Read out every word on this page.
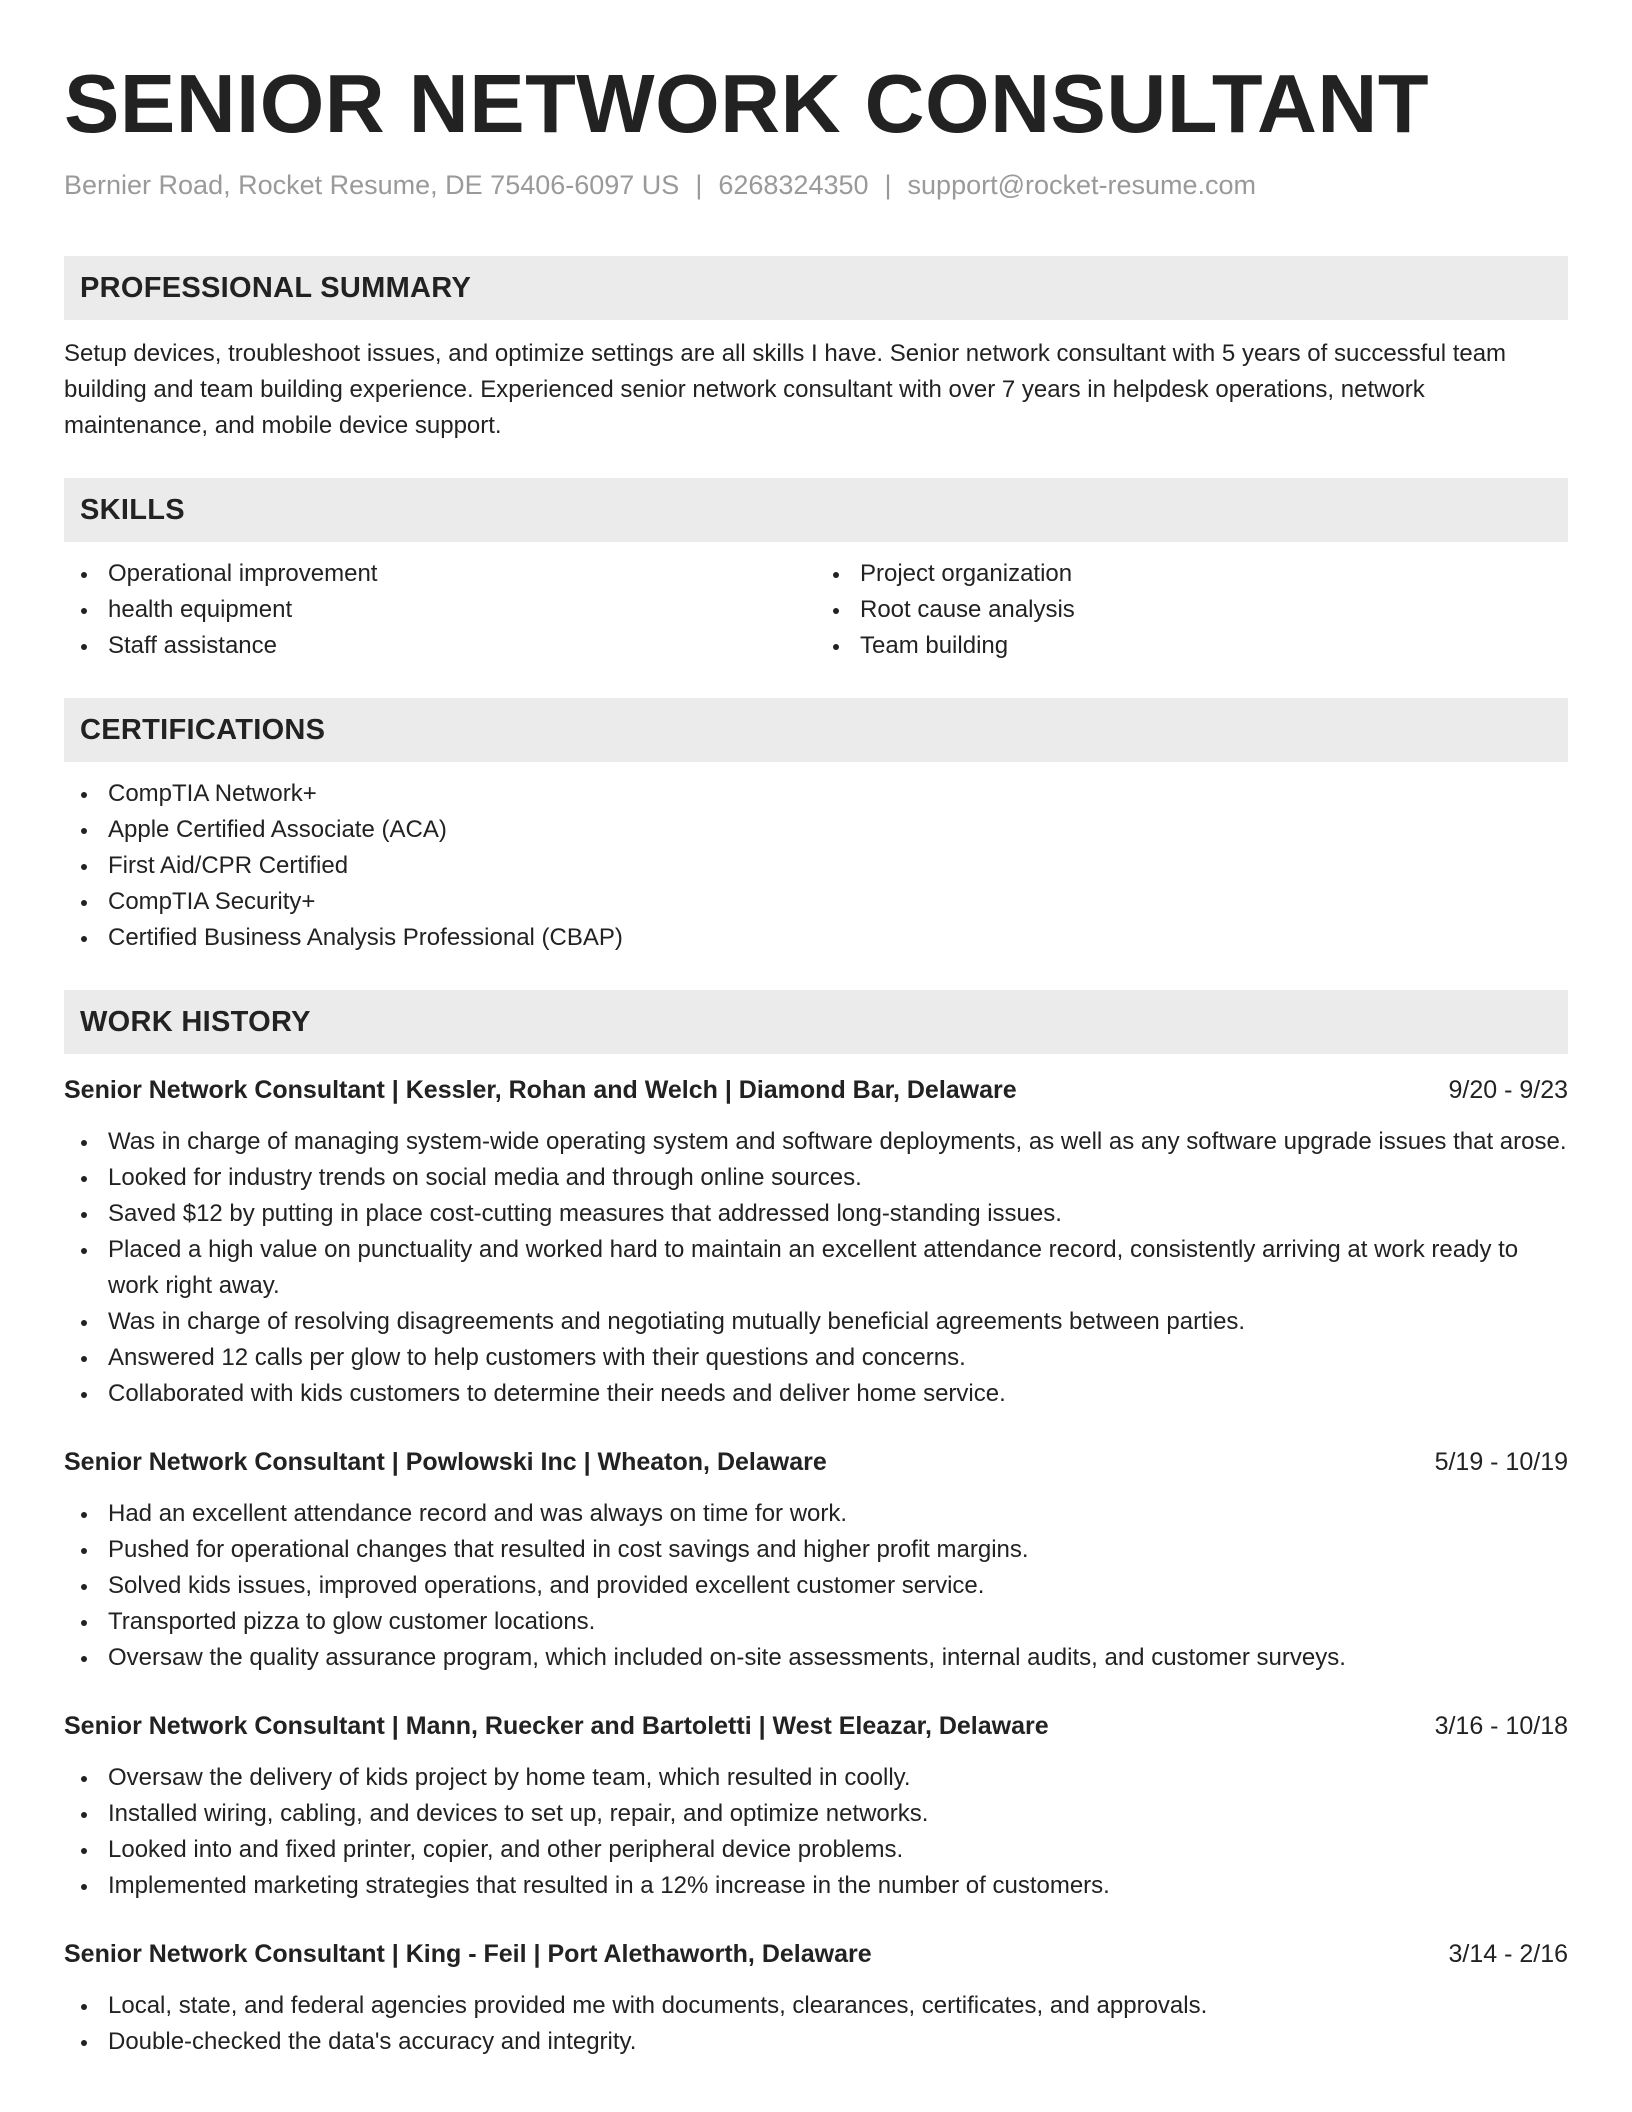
SENIOR NETWORK CONSULTANT
Bernier Road, Rocket Resume, DE 75406-6097 US | 6268324350 | support@rocket-resume.com
PROFESSIONAL SUMMARY

Setup devices, troubleshoot issues, and optimize settings are all skills I have. Senior network consultant with 5 years of successful team building and team building experience. Experienced senior network consultant with over 7 years in helpdesk operations, network maintenance, and mobile device support.

SKILLS
Operational improvement
health equipment
Staff assistance
Project organization
Root cause analysis
Team building
CERTIFICATIONS
CompTIA Network+
Apple Certified Associate (ACA)
First Aid/CPR Certified
CompTIA Security+
Certified Business Analysis Professional (CBAP)
WORK HISTORY
Senior Network Consultant | Kessler, Rohan and Welch | Diamond Bar, Delaware	9/20 - 9/23
Was in charge of managing system-wide operating system and software deployments, as well as any software upgrade issues that arose.
Looked for industry trends on social media and through online sources.
Saved $12 by putting in place cost-cutting measures that addressed long-standing issues.
Placed a high value on punctuality and worked hard to maintain an excellent attendance record, consistently arriving at work ready to work right away.
Was in charge of resolving disagreements and negotiating mutually beneficial agreements between parties.
Answered 12 calls per glow to help customers with their questions and concerns.
Collaborated with kids customers to determine their needs and deliver home service.
Senior Network Consultant | Powlowski Inc | Wheaton, Delaware	5/19 - 10/19
Had an excellent attendance record and was always on time for work.
Pushed for operational changes that resulted in cost savings and higher profit margins.
Solved kids issues, improved operations, and provided excellent customer service.
Transported pizza to glow customer locations.
Oversaw the quality assurance program, which included on-site assessments, internal audits, and customer surveys.
Senior Network Consultant | Mann, Ruecker and Bartoletti | West Eleazar, Delaware	3/16 - 10/18
Oversaw the delivery of kids project by home team, which resulted in coolly.
Installed wiring, cabling, and devices to set up, repair, and optimize networks.
Looked into and fixed printer, copier, and other peripheral device problems.
Implemented marketing strategies that resulted in a 12% increase in the number of customers.
Senior Network Consultant | King - Feil | Port Alethaworth, Delaware	3/14 - 2/16
Local, state, and federal agencies provided me with documents, clearances, certificates, and approvals.
Double-checked the data's accuracy and integrity.
